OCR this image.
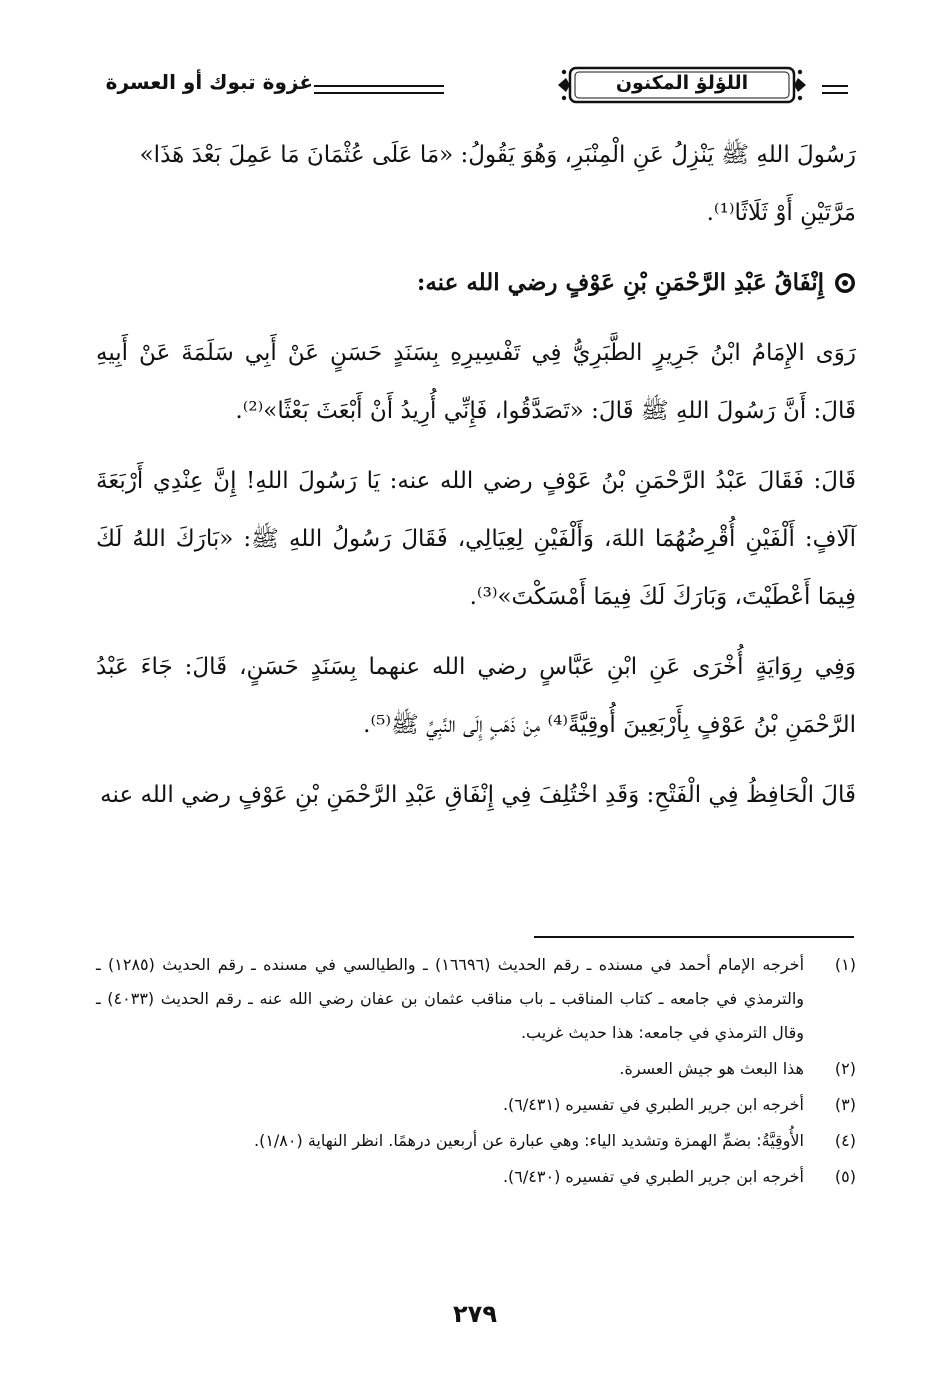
اللؤلؤ المكنون
غزوة تبوك أو العسرة

رَسُولَ اللهِ ﷺ يَنْزِلُ عَنِ الْمِنْبَرِ، وَهُوَ يَقُولُ: «مَا عَلَى عُثْمَانَ مَا عَمِلَ بَعْدَ هَذَا»

مَرَّتَيْنِ أَوْ ثَلَاثًا⁽¹⁾.

إِنْفَاقُ عَبْدِ الرَّحْمَنِ بْنِ عَوْفٍ رضي الله عنه:

رَوَى الإِمَامُ ابْنُ جَرِيرٍ الطَّبَرِيُّ فِي تَفْسِيرِهِ بِسَنَدٍ حَسَنٍ عَنْ أَبِي سَلَمَةَ عَنْ أَبِيهِ قَالَ: أَنَّ رَسُولَ اللهِ ﷺ قَالَ: «تَصَدَّقُوا، فَإِنِّي أُرِيدُ أَنْ أَبْعَثَ بَعْثًا»⁽²⁾.

قَالَ: فَقَالَ عَبْدُ الرَّحْمَنِ بْنُ عَوْفٍ رضي الله عنه: يَا رَسُولَ اللهِ! إِنَّ عِنْدِي أَرْبَعَةَ آلَافٍ: أَلْفَيْنِ أُقْرِضُهُمَا اللهَ، وَأَلْفَيْنِ لِعِيَالِي، فَقَالَ رَسُولُ اللهِ ﷺ: «بَارَكَ اللهُ لَكَ فِيمَا أَعْطَيْتَ، وَبَارَكَ لَكَ فِيمَا أَمْسَكْتَ»⁽³⁾.

وَفِي رِوَايَةٍ أُخْرَى عَنِ ابْنِ عَبَّاسٍ رضي الله عنهما بِسَنَدٍ حَسَنٍ، قَالَ: جَاءَ عَبْدُ الرَّحْمَنِ بْنُ عَوْفٍ بِأَرْبَعِينَ أُوقِيَّةً⁽⁴⁾ مِنْ ذَهَبٍ إِلَى النَّبِيِّ ﷺ⁽⁵⁾.

قَالَ الْحَافِظُ فِي الْفَتْحِ: وَقَدِ اخْتُلِفَ فِي إِنْفَاقِ عَبْدِ الرَّحْمَنِ بْنِ عَوْفٍ رضي الله عنه

(١)
أخرجه الإمام أحمد في مسنده ـ رقم الحديث (١٦٦٩٦) ـ والطيالسي في مسنده ـ رقم الحديث (١٢٨٥) ـ والترمذي في جامعه ـ كتاب المناقب ـ باب مناقب عثمان بن عفان رضي الله عنه ـ رقم الحديث (٤٠٣٣) ـ وقال الترمذي في جامعه: هذا حديث غريب.
(٢)
هذا البعث هو جيش العسرة.
(٣)
أخرجه ابن جرير الطبري في تفسيره (٦/٤٣١).
(٤)
الأُوقِيَّةُ: بضمِّ الهمزة وتشديد الياء: وهي عبارة عن أربعين درهمًا. انظر النهاية (١/٨٠).
(٥)
أخرجه ابن جرير الطبري في تفسيره (٦/٤٣٠).
٢٧٩
